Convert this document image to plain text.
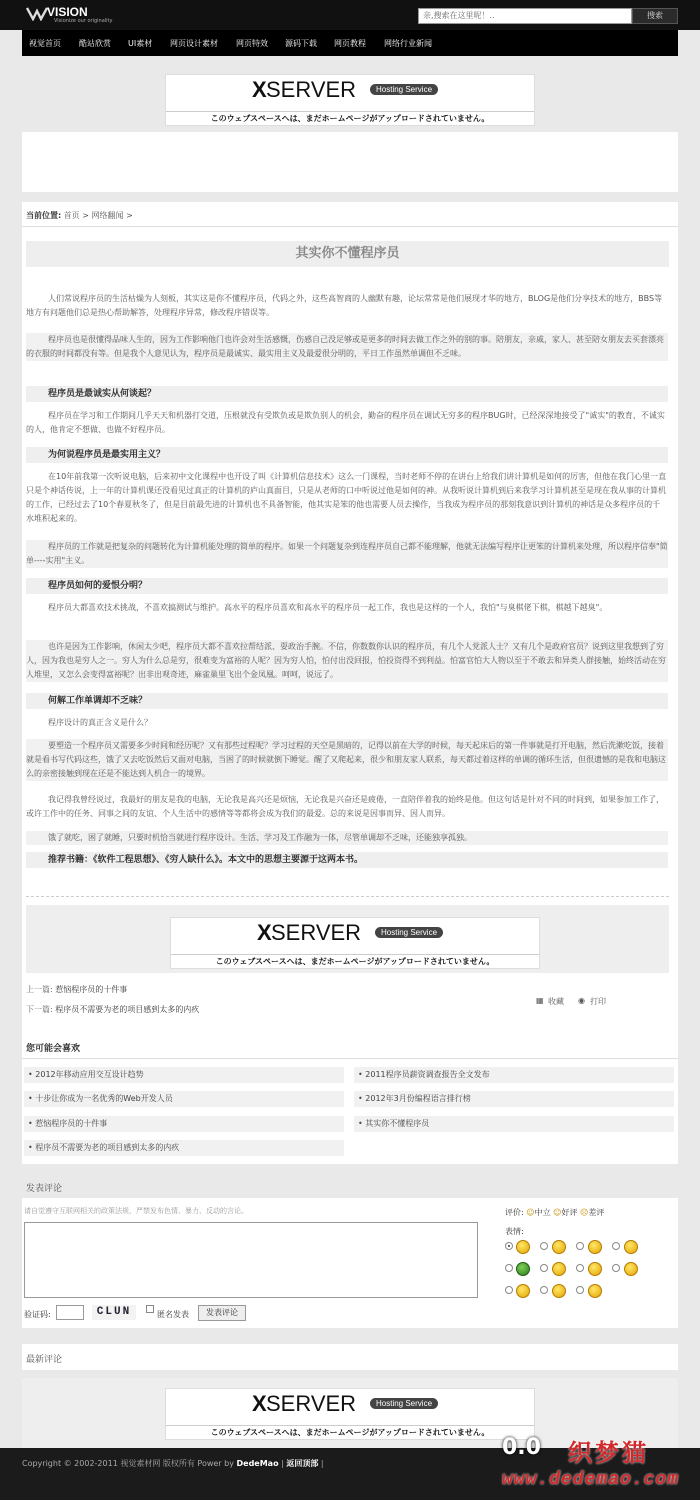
VISION
Visionize our originality
亲,搜索在这里呢！..	搜索
视觉首页 酷站欣赏 UI素材 网页设计素材 网页特效 源码下载 网页教程 网络行业新闻
X SERVER	Hosting Service
このウェブスペースへは、まだホームページがアップロードされていません。
当前位置: 首页 > 网络翻闻 >
其实你不懂程序员
人们常说程序员的生活枯燥为人刻板，其实这是你不懂程序员，代码之外，这些高智商的人幽默有趣，论坛常常是他们展现才华的地方，BLOG是他们分享技术的地方，BBS等地方有问题他们总是热心帮助解答，处理程序异常，修改程序错误等。
程序员也是很懂得品味人生的，因为工作影响他门也许会对生活感慨，伤感自己没足够或是更多的时间去做工作之外的别的事。陪朋友，亲戚，家人、甚至陪女朋友去买套漂亮的衣服的时间都没有等。但是我个人意见认为，程序员是最诚实、最实用主义及最爱很分明的，平日工作虽然单调但不乏味。
程序员是最诚实从何谈起？
程序员在学习和工作期间几乎天天和机器打交道，压根就没有受欺负或是欺负别人的机会，勤奋的程序员在调试无穷多的程序BUG时，已经深深地接受了"诚实"的教育，不诚实的人，他肯定不想做、也做不好程序员。
为何说程序员是最实用主义？
在10年前我第一次听说电脑，后来初中文化课程中也开设了叫《计算机信息技术》这么一门课程，当时老师不停的在讲台上给我们讲计算机是如何的厉害，但他在我门心里一直只是个神话传说，上一年的计算机课还没看见过真正的计算机的庐山真面目，只是从老师的口中听说过他是如何的神。从我听说计算机到后来我学习计算机甚至是现在我从事的计算机的工作，已经过去了10个春夏秋冬了，但是目前最先进的计算机也不具备智能，他其实是笨的他也需要人员去操作，当我成为程序员的那刻我意识到计算机的神话是众多程序员的千水堆积起来的。
程序员的工作就是把复杂的问题转化为计算机能处理的简单的程序。如果一个问题复杂到连程序员自己都不能理解，他就无法编写程序让更笨的计算机来处理，所以程序信奉"简单----实用"主义。
程序员如何的爱恨分明？
程序员大都喜欢技术挑战，不喜欢搞测试与维护。高水平的程序员喜欢和高水平的程序员一起工作，我也是这样的一个人，我怕"与臭棋佬下棋，棋越下越臭"。
也许是因为工作影响，休闲太少吧，程序员大都不喜欢拉帮结派、耍政治手腕。不信，你数数你认识的程序员，有几个人党派人士？又有几个是政府官员？说到这里我想到了穷人，因为我也是穷人之一。穷人为什么总是穷，很难变为富裕的人呢？因为穷人怕，怕付出没回报，怕投资得不到利益。怕富官怕大人物以至于不敢去和异类人群接触，始终活动在穷人堆里，又怎么会变得富裕呢？出非出观奇迹，麻雀巢里飞出个金凤凰。呵呵，说远了。
何解工作单调却不乏味？
程序设计的真正含义是什么？
要塑造一个程序员又需要多少时间和经历呢？又有那些过程呢？学习过程的天空是黑暗的，记得以前在大学的时候，每天起床后的第一件事就是打开电脑，然后洗漱吃饭，接着就是看书写代码这些，饿了又去吃饭然后又面对电脑，当困了的时候就倒下睡觉。醒了又爬起来，很少和朋友家人联系，每天都过着这样的单调的循环生活，但很遗憾的是我和电脑这么的亲密接触到现在还是不能达到人机合一的境界。
我记得我曾经说过，我最好的朋友是我的电脑，无论我是高兴还是烦恼，无论我是兴奋还是疲倦，一直陪伴着我的始终是他。但这句话是针对不同的时间到，如果参加工作了，或许工作中的任务、同事之间的友谊、个人生活中的感情等等都将会成为我们的最爱。总的来说是因事而异、因人而异。
饿了就吃，困了就睡，只要时机恰当就进行程序设计。生活、学习及工作融为一体，尽管单调却不乏味，还能独享孤独。
推荐书籍：《软件工程思想》、《穷人缺什么》。本文中的思想主要源于这两本书。
X SERVER	Hosting Service
このウェブスペースへは、まだホームページがアップロードされていません。
上一篇: 惹恼程序员的十件事
下一篇: 程序员不需要为老的项目感到太多的内疚
▦ 收藏 ◉ 打印
您可能会喜欢
• 2012年移动应用交互设计趋势	• 2011程序员薪资调查报告全文发布
• 十步让你成为一名优秀的Web开发人员	• 2012年3月份编程语言排行榜
• 惹恼程序员的十件事	• 其实你不懂程序员
• 程序员不需要为老的项目感到太多的内疚
发表评论
请自觉遵守互联网相关的政策法规，严禁发布色情、暴力、反动的言论。
验证码:	CLUN	匿名发表	发表评论
评价: ☺中立 ☺好评 ☹差评
表情:
最新评论
X SERVER	Hosting Service
このウェブスペースへは、まだホームページがアップロードされていません。
Copyright © 2002-2011 视觉素材网 版权所有 Power by DedeMao | 返回顶部 |
0.0 织梦猫
www.dedemao.com
